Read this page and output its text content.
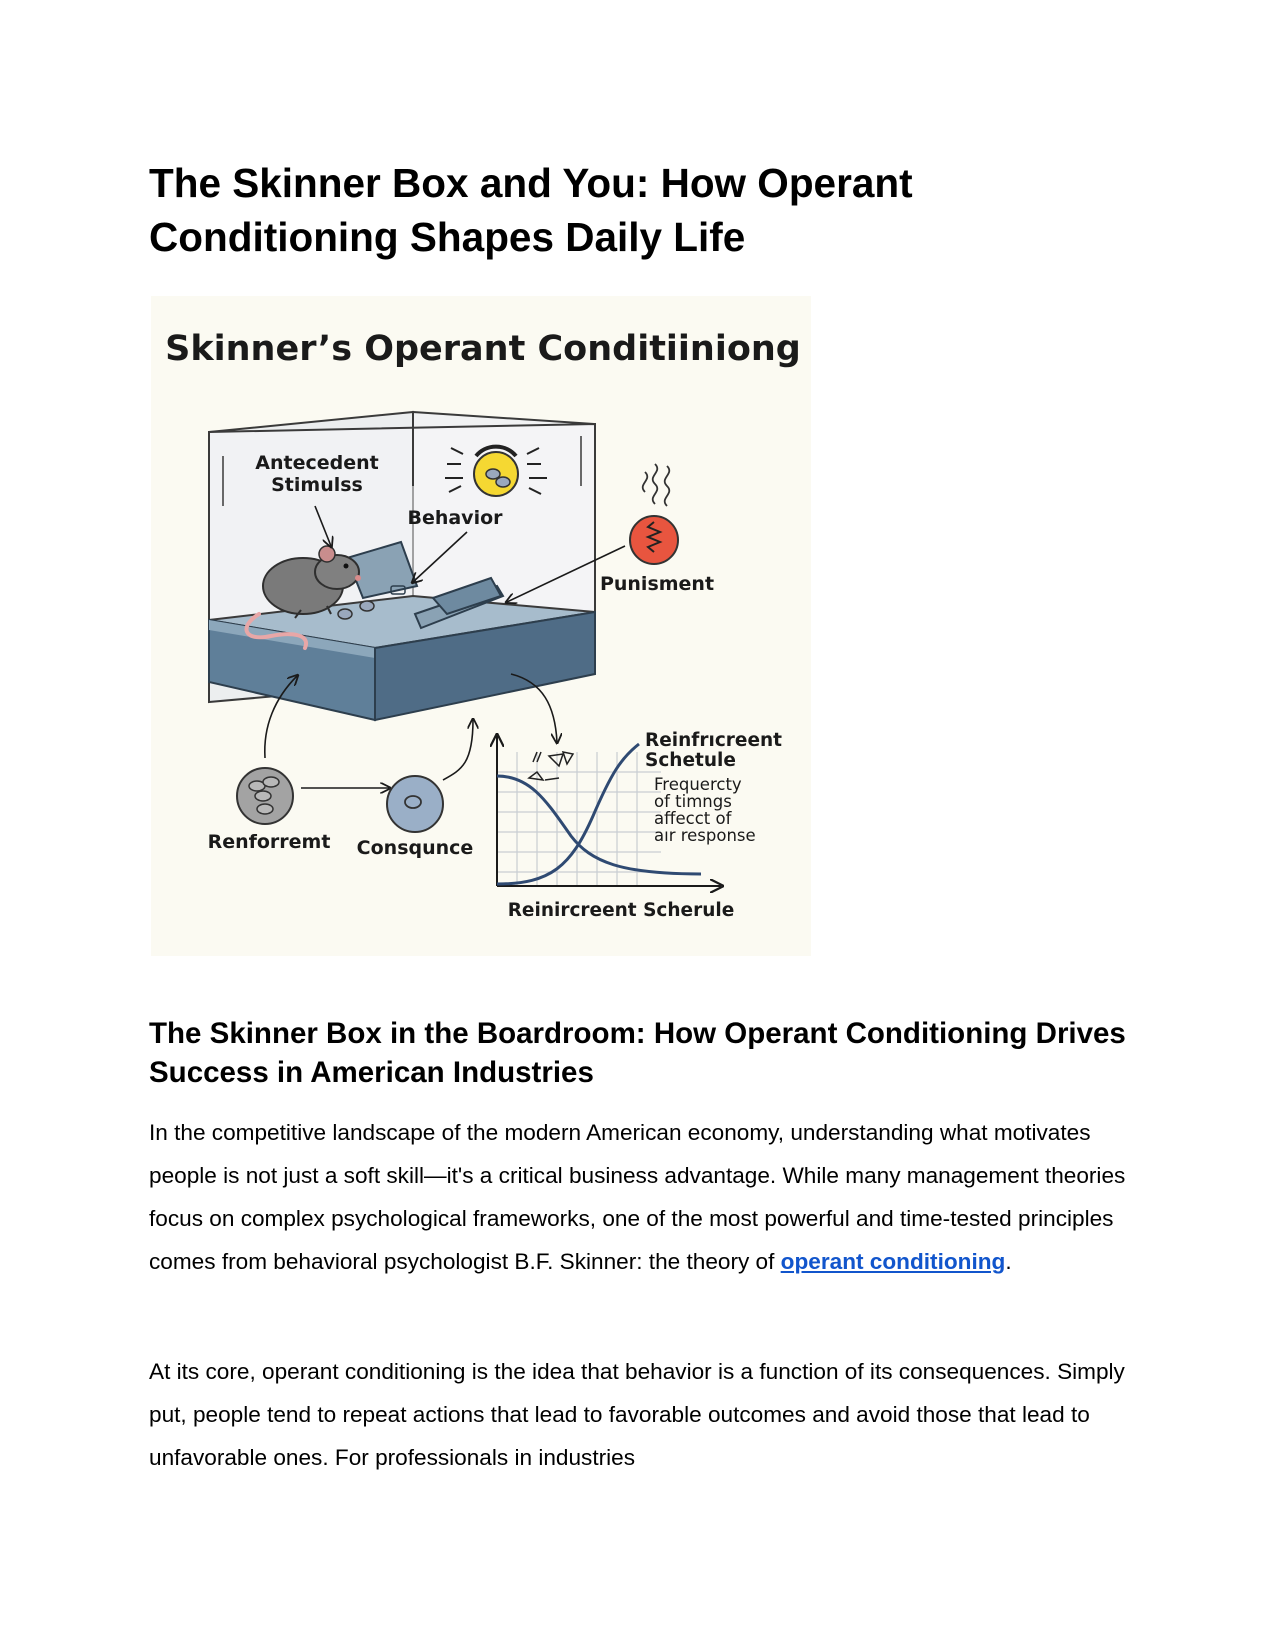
The Skinner Box and You: How Operant Conditioning Shapes Daily Life
Skinner’s Operant Conditiiniong
Antecedent
Stimulss
Behavior
Punisment
Renforremt Consqunce
Reinfrıcreent
Schetule
Frequercty
of timngs
affecct of
aır response
Reinircreent Scherule
The Skinner Box in the Boardroom: How Operant Conditioning Drives Success in American Industries

In the competitive landscape of the modern American economy, understanding what motivates people is not just a soft skill—it's a critical business advantage. While many management theories focus on complex psychological frameworks, one of the most powerful and time-tested principles comes from behavioral psychologist B.F. Skinner: the theory of operant conditioning.

At its core, operant conditioning is the idea that behavior is a function of its consequences. Simply put, people tend to repeat actions that lead to favorable outcomes and avoid those that lead to unfavorable ones. For professionals in industries
